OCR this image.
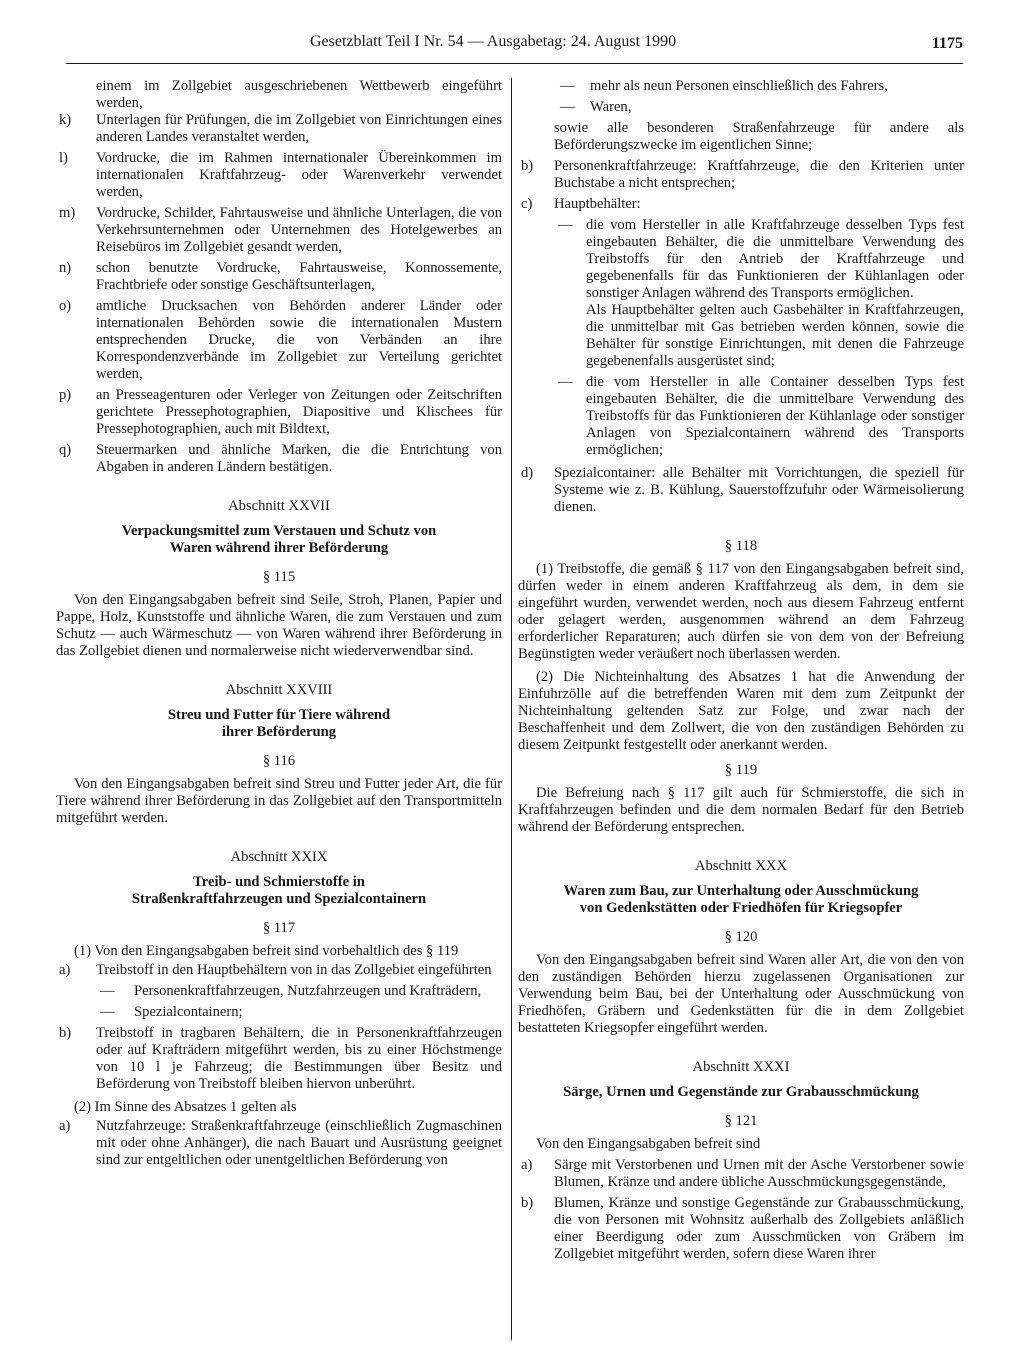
Gesetzblatt Teil I Nr. 54 — Ausgabetag: 24. August 1990	1175
einem im Zollgebiet ausgeschriebenen Wettbewerb eingeführt werden,
k) Unterlagen für Prüfungen, die im Zollgebiet von Einrichtungen eines anderen Landes veranstaltet werden,
l) Vordrucke, die im Rahmen internationaler Übereinkommen im internationalen Kraftfahrzeug- oder Warenverkehr verwendet werden,
m) Vordrucke, Schilder, Fahrtausweise und ähnliche Unterlagen, die von Verkehrsunternehmen oder Unternehmen des Hotelgewerbes an Reisebüros im Zollgebiet gesandt werden,
n) schon benutzte Vordrucke, Fahrtausweise, Konnossemente, Frachtbriefe oder sonstige Geschäftsunterlagen,
o) amtliche Drucksachen von Behörden anderer Länder oder internationalen Behörden sowie die internationalen Mustern entsprechenden Drucke, die von Verbänden an ihre Korrespondenzverbände im Zollgebiet zur Verteilung gerichtet werden,
p) an Presseagenturen oder Verleger von Zeitungen oder Zeitschriften gerichtete Pressephotographien, Diapositive und Klischees für Pressephotographien, auch mit Bildtext,
q) Steuermarken und ähnliche Marken, die die Entrichtung von Abgaben in anderen Ländern bestätigen.
Abschnitt XXVII
Verpackungsmittel zum Verstauen und Schutz von
Waren während ihrer Beförderung
§ 115
Von den Eingangsabgaben befreit sind Seile, Stroh, Planen, Papier und Pappe, Holz, Kunststoffe und ähnliche Waren, die zum Verstauen und zum Schutz — auch Wärmeschutz — von Waren während ihrer Beförderung in das Zollgebiet dienen und normalerweise nicht wiederverwendbar sind.
Abschnitt XXVIII
Streu und Futter für Tiere während
ihrer Beförderung
§ 116
Von den Eingangsabgaben befreit sind Streu und Futter jeder Art, die für Tiere während ihrer Beförderung in das Zollgebiet auf den Transportmitteln mitgeführt werden.
Abschnitt XXIX
Treib- und Schmierstoffe in
Straßenkraftfahrzeugen und Spezialcontainern
§ 117
(1) Von den Eingangsabgaben befreit sind vorbehaltlich des § 119
a) Treibstoff in den Hauptbehältern von in das Zollgebiet eingeführten
— Personenkraftfahrzeugen, Nutzfahrzeugen und Krafträdern,
— Spezialcontainern;
b) Treibstoff in tragbaren Behältern, die in Personenkraftfahrzeugen oder auf Krafträdern mitgeführt werden, bis zu einer Höchstmenge von 10 l je Fahrzeug; die Bestimmungen über Besitz und Beförderung von Treibstoff bleiben hiervon unberührt.
(2) Im Sinne des Absatzes 1 gelten als
a) Nutzfahrzeuge: Straßenkraftfahrzeuge (einschließlich Zugmaschinen mit oder ohne Anhänger), die nach Bauart und Ausrüstung geeignet sind zur entgeltlichen oder unentgeltlichen Beförderung von
— mehr als neun Personen einschließlich des Fahrers,
— Waren,
sowie alle besonderen Straßenfahrzeuge für andere als Beförderungszwecke im eigentlichen Sinne;
b) Personenkraftfahrzeuge: Kraftfahrzeuge, die den Kriterien unter Buchstabe a nicht entsprechen;
c) Hauptbehälter:
— die vom Hersteller in alle Kraftfahrzeuge desselben Typs fest eingebauten Behälter, die die unmittelbare Verwendung des Treibstoffs für den Antrieb der Kraftfahrzeuge und gegebenenfalls für das Funktionieren der Kühlanlagen oder sonstiger Anlagen während des Transports ermöglichen.
Als Hauptbehälter gelten auch Gasbehälter in Kraftfahrzeugen, die unmittelbar mit Gas betrieben werden können, sowie die Behälter für sonstige Einrichtungen, mit denen die Fahrzeuge gegebenenfalls ausgerüstet sind;
— die vom Hersteller in alle Container desselben Typs fest eingebauten Behälter, die die unmittelbare Verwendung des Treibstoffs für das Funktionieren der Kühlanlage oder sonstiger Anlagen von Spezialcontainern während des Transports ermöglichen;
d) Spezialcontainer: alle Behälter mit Vorrichtungen, die speziell für Systeme wie z. B. Kühlung, Sauerstoffzufuhr oder Wärmeisolierung dienen.
§ 118
(1) Treibstoffe, die gemäß § 117 von den Eingangsabgaben befreit sind, dürfen weder in einem anderen Kraftfahrzeug als dem, in dem sie eingeführt wurden, verwendet werden, noch aus diesem Fahrzeug entfernt oder gelagert werden, ausgenommen während an dem Fahrzeug erforderlicher Reparaturen; auch dürfen sie von dem von der Befreiung Begünstigten weder veräußert noch überlassen werden.
(2) Die Nichteinhaltung des Absatzes 1 hat die Anwendung der Einfuhrzölle auf die betreffenden Waren mit dem zum Zeitpunkt der Nichteinhaltung geltenden Satz zur Folge, und zwar nach der Beschaffenheit und dem Zollwert, die von den zuständigen Behörden zu diesem Zeitpunkt festgestellt oder anerkannt werden.
§ 119
Die Befreiung nach § 117 gilt auch für Schmierstoffe, die sich in Kraftfahrzeugen befinden und die dem normalen Bedarf für den Betrieb während der Beförderung entsprechen.
Abschnitt XXX
Waren zum Bau, zur Unterhaltung oder Ausschmückung
von Gedenkstätten oder Friedhöfen für Kriegsopfer
§ 120
Von den Eingangsabgaben befreit sind Waren aller Art, die von den von den zuständigen Behörden hierzu zugelassenen Organisationen zur Verwendung beim Bau, bei der Unterhaltung oder Ausschmückung von Friedhöfen, Gräbern und Gedenkstätten für die in dem Zollgebiet bestatteten Kriegsopfer eingeführt werden.
Abschnitt XXXI
Särge, Urnen und Gegenstände zur Grabausschmückung
§ 121
Von den Eingangsabgaben befreit sind
a) Särge mit Verstorbenen und Urnen mit der Asche Verstorbener sowie Blumen, Kränze und andere übliche Ausschmückungsgegenstände,
b) Blumen, Kränze und sonstige Gegenstände zur Grabausschmückung, die von Personen mit Wohnsitz außerhalb des Zollgebiets anläßlich einer Beerdigung oder zum Ausschmücken von Gräbern im Zollgebiet mitgeführt werden, sofern diese Waren ihrer
